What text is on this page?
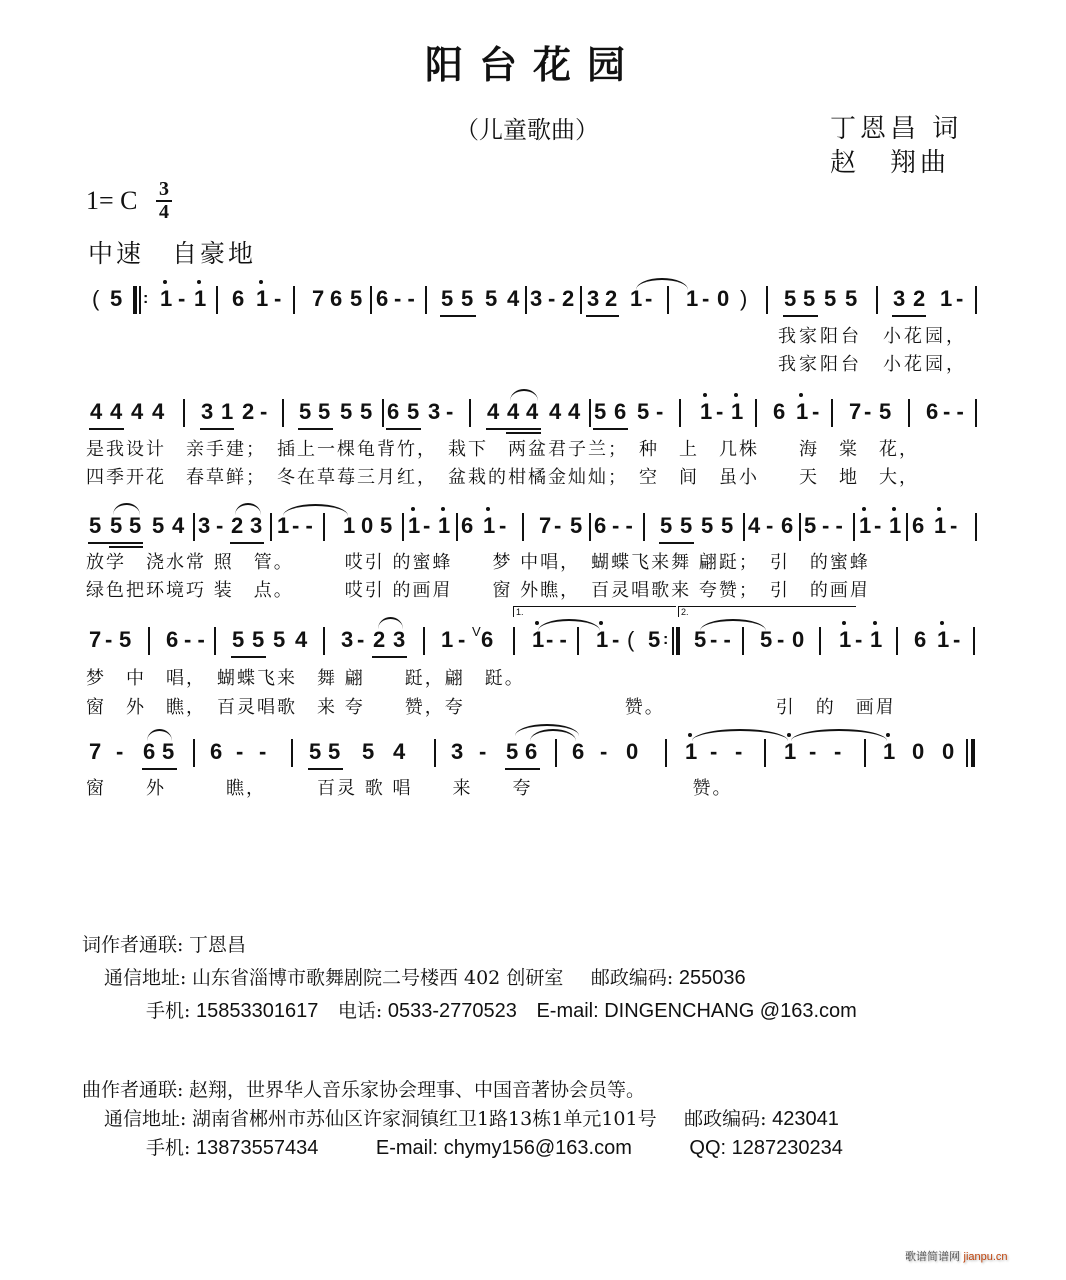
阳台花园
（儿童歌曲）	丁恩昌 词
赵　翔曲
1= C 3
4
中速 自豪地
( 5 : 1 - 1 6 1 - 7 6 5 6 - - 5 5 5 4 3 - 2 3 2 1 - 1 - 0 ) 5 5 5 5 3 2 1 -
我家阳台　小花园，
我家阳台　小花园，
4 4 4 4 3 1 2 - 5 5 5 5 6 5 3 - 4 4 4 4 4 5 6 5 - 1 - 1 6 1 - 7 - 5 6 - -
是我设计　亲手建；　插上一棵龟背竹，　栽下　两盆君子兰；　种　上　几株　　海　棠　花，
四季开花　春草鲜；　冬在草莓三月红，　盆栽的柑橘金灿灿；　空　间　虽小　　天　地　大，
5 5 5 5 4 3 - 2 3 1 - - 1 0 5 1 - 1 6 1 - 7 - 5 6 - - 5 5 5 5 4 - 6 5 - - 1 - 1 6 1 -
放学　浇水常 照　管。　　　哎引 的蜜蜂　　梦 中唱，　蝴蝶飞来舞 翩跹；　引　的蜜蜂
绿色把环境巧 装　点。　　　哎引 的画眉　　窗 外瞧，　百灵唱歌来 夸赞；　引　的画眉
1.	2.
7 - 5 6 - - 5 5 5 4 3 - 2 3 1 - V 6 1 - - 1 - ( 5 : 5 - - 5 - 0 1 - 1 6 1 -
梦　中　唱，　蝴蝶飞来　舞 翩　　跹，翩　跹。
窗　外　瞧，　百灵唱歌　来 夸　　赞，夸　　　　　　　　赞。　　　　　　引　的　画眉
7 - 6 5 6 - - 5 5 5 4 3 - 5 6 6 - 0 1 - - 1 - - 1 0 0
窗　　外　　　瞧，　　　百灵 歌 唱　　来　　夸　　　　　　　　赞。
词作者通联: 丁恩昌
通信地址: 山东省淄博市歌舞剧院二号楼西 402 创研室 邮政编码: 255036
手机: 15853301617 电话: 0533-2770523 E-mail: DINGENCHANG @163.com
曲作者通联: 赵翔，世界华人音乐家协会理事、中国音著协会员等。
通信地址: 湖南省郴州市苏仙区许家洞镇红卫1路13栋1单元101号 邮政编码: 423041
手机: 13873557434	E-mail: chymy156@163.com	QQ: 1287230234
歌谱简谱网 jianpu.cn
